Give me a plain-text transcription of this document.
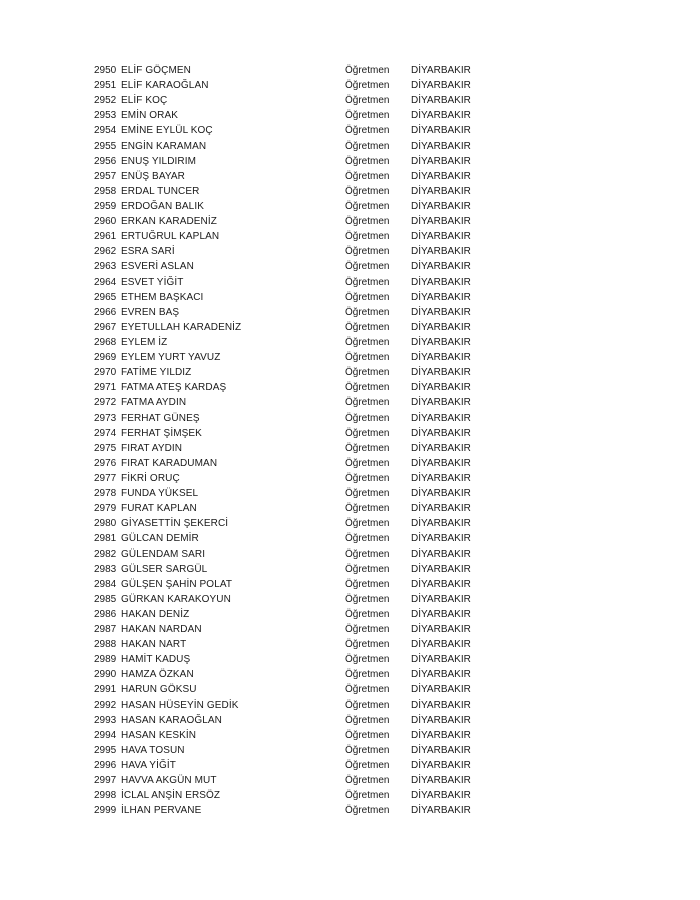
2950 ELİF GÖÇMEN	Öğretmen	DİYARBAKIR
2951 ELİF KARAOĞLAN	Öğretmen	DİYARBAKIR
2952 ELİF KOÇ	Öğretmen	DİYARBAKIR
2953 EMİN ORAK	Öğretmen	DİYARBAKIR
2954 EMİNE EYLÜL KOÇ	Öğretmen	DİYARBAKIR
2955 ENGİN KARAMAN	Öğretmen	DİYARBAKIR
2956 ENUŞ YILDIRIM	Öğretmen	DİYARBAKIR
2957 ENÜŞ BAYAR	Öğretmen	DİYARBAKIR
2958 ERDAL TUNCER	Öğretmen	DİYARBAKIR
2959 ERDOĞAN BALIK	Öğretmen	DİYARBAKIR
2960 ERKAN KARADENİZ	Öğretmen	DİYARBAKIR
2961 ERTUĞRUL KAPLAN	Öğretmen	DİYARBAKIR
2962 ESRA SARİ	Öğretmen	DİYARBAKIR
2963 ESVERİ ASLAN	Öğretmen	DİYARBAKIR
2964 ESVET YİĞİT	Öğretmen	DİYARBAKIR
2965 ETHEM BAŞKACI	Öğretmen	DİYARBAKIR
2966 EVREN BAŞ	Öğretmen	DİYARBAKIR
2967 EYETULLAH KARADENİZ	Öğretmen	DİYARBAKIR
2968 EYLEM İZ	Öğretmen	DİYARBAKIR
2969 EYLEM YURT YAVUZ	Öğretmen	DİYARBAKIR
2970 FATİME YILDIZ	Öğretmen	DİYARBAKIR
2971 FATMA ATEŞ KARDAŞ	Öğretmen	DİYARBAKIR
2972 FATMA AYDIN	Öğretmen	DİYARBAKIR
2973 FERHAT GÜNEŞ	Öğretmen	DİYARBAKIR
2974 FERHAT ŞİMŞEK	Öğretmen	DİYARBAKIR
2975 FIRAT AYDIN	Öğretmen	DİYARBAKIR
2976 FIRAT KARADUMAN	Öğretmen	DİYARBAKIR
2977 FİKRİ ORUÇ	Öğretmen	DİYARBAKIR
2978 FUNDA YÜKSEL	Öğretmen	DİYARBAKIR
2979 FURAT KAPLAN	Öğretmen	DİYARBAKIR
2980 GİYASETTİN ŞEKERCİ	Öğretmen	DİYARBAKIR
2981 GÜLCAN DEMİR	Öğretmen	DİYARBAKIR
2982 GÜLENDAM SARI	Öğretmen	DİYARBAKIR
2983 GÜLSER SARGÜL	Öğretmen	DİYARBAKIR
2984 GÜLŞEN ŞAHİN POLAT	Öğretmen	DİYARBAKIR
2985 GÜRKAN KARAKOYUN	Öğretmen	DİYARBAKIR
2986 HAKAN DENİZ	Öğretmen	DİYARBAKIR
2987 HAKAN NARDAN	Öğretmen	DİYARBAKIR
2988 HAKAN NART	Öğretmen	DİYARBAKIR
2989 HAMİT KADUŞ	Öğretmen	DİYARBAKIR
2990 HAMZA ÖZKAN	Öğretmen	DİYARBAKIR
2991 HARUN GÖKSU	Öğretmen	DİYARBAKIR
2992 HASAN HÜSEYİN GEDİK	Öğretmen	DİYARBAKIR
2993 HASAN KARAOĞLAN	Öğretmen	DİYARBAKIR
2994 HASAN KESKİN	Öğretmen	DİYARBAKIR
2995 HAVA TOSUN	Öğretmen	DİYARBAKIR
2996 HAVA YİĞİT	Öğretmen	DİYARBAKIR
2997 HAVVA AKGÜN MUT	Öğretmen	DİYARBAKIR
2998 İCLAL ANŞİN ERSÖZ	Öğretmen	DİYARBAKIR
2999 İLHAN PERVANE	Öğretmen	DİYARBAKIR
